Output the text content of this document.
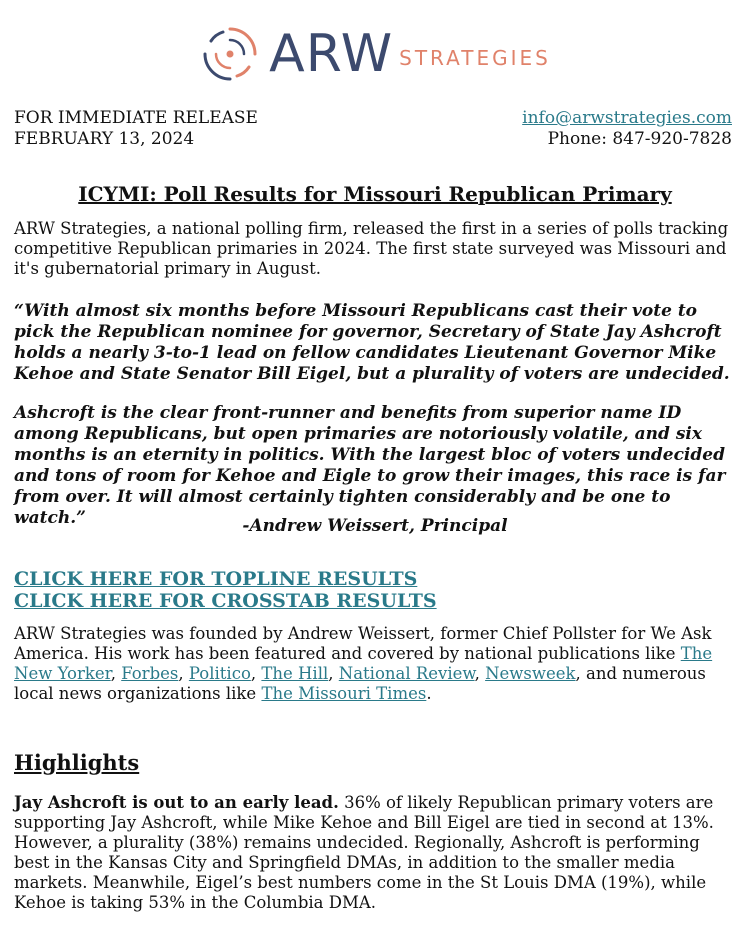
ARW STRATEGIES
FOR IMMEDIATE RELEASE
FEBRUARY 13, 2024
info@arwstrategies.com
Phone: 847-920-7828
ICYMI: Poll Results for Missouri Republican Primary
ARW Strategies, a national polling firm, released the first in a series of polls tracking competitive Republican primaries in 2024. The first state surveyed was Missouri and it's gubernatorial primary in August.
“With almost six months before Missouri Republicans cast their vote to pick the Republican nominee for governor, Secretary of State Jay Ashcroft holds a nearly 3-to-1 lead on fellow candidates Lieutenant Governor Mike Kehoe and State Senator Bill Eigel, but a plurality of voters are undecided.
Ashcroft is the clear front-runner and benefits from superior name ID among Republicans, but open primaries are notoriously volatile, and six months is an eternity in politics. With the largest bloc of voters undecided and tons of room for Kehoe and Eigle to grow their images, this race is far from over. It will almost certainly tighten considerably and be one to watch.”	-Andrew Weissert, Principal
CLICK HERE FOR TOPLINE RESULTS
CLICK HERE FOR CROSSTAB RESULTS
ARW Strategies was founded by Andrew Weissert, former Chief Pollster for We Ask America. His work has been featured and covered by national publications like The New Yorker, Forbes, Politico, The Hill, National Review, Newsweek, and numerous local news organizations like The Missouri Times.
Highlights
Jay Ashcroft is out to an early lead. 36% of likely Republican primary voters are supporting Jay Ashcroft, while Mike Kehoe and Bill Eigel are tied in second at 13%. However, a plurality (38%) remains undecided. Regionally, Ashcroft is performing best in the Kansas City and Springfield DMAs, in addition to the smaller media markets. Meanwhile, Eigel’s best numbers come in the St Louis DMA (19%), while Kehoe is taking 53% in the Columbia DMA.
